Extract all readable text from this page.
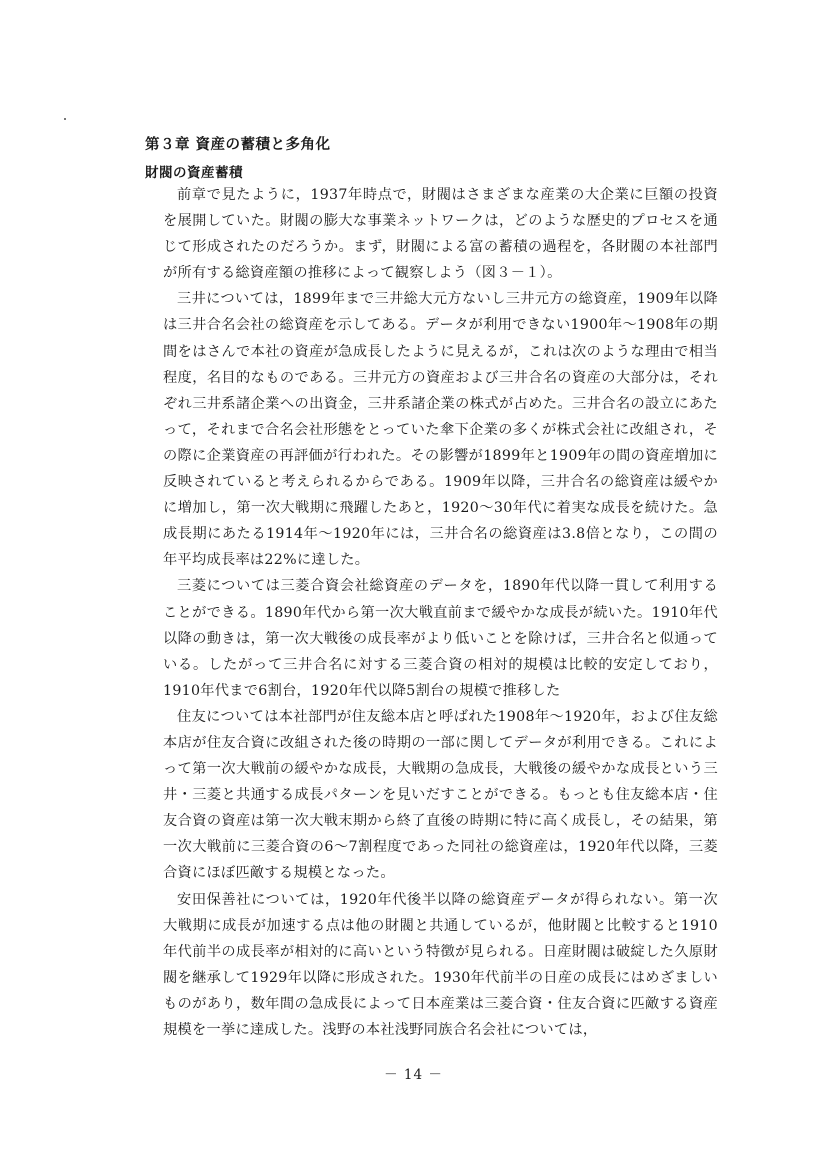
第３章 資産の蓄積と多角化
財閥の資産蓄積

前章で見たように，1937年時点で，財閥はさまざまな産業の大企業に巨額の投資を展開していた。財閥の膨大な事業ネットワークは，どのような歴史的プロセスを通じて形成されたのだろうか。まず，財閥による富の蓄積の過程を，各財閥の本社部門が所有する総資産額の推移によって観察しよう（図３－１）。

三井については，1899年まで三井総大元方ないし三井元方の総資産，1909年以降は三井合名会社の総資産を示してある。データが利用できない1900年～1908年の期間をはさんで本社の資産が急成長したように見えるが，これは次のような理由で相当程度，名目的なものである。三井元方の資産および三井合名の資産の大部分は，それぞれ三井系諸企業への出資金，三井系諸企業の株式が占めた。三井合名の設立にあたって，それまで合名会社形態をとっていた傘下企業の多くが株式会社に改組され，その際に企業資産の再評価が行われた。その影響が1899年と1909年の間の資産増加に反映されていると考えられるからである。1909年以降，三井合名の総資産は緩やかに増加し，第一次大戦期に飛躍したあと，1920～30年代に着実な成長を続けた。急成長期にあたる1914年～1920年には，三井合名の総資産は3.8倍となり，この間の年平均成長率は22%に達した。

三菱については三菱合資会社総資産のデータを，1890年代以降一貫して利用することができる。1890年代から第一次大戦直前まで緩やかな成長が続いた。1910年代以降の動きは，第一次大戦後の成長率がより低いことを除けば，三井合名と似通っている。したがって三井合名に対する三菱合資の相対的規模は比較的安定しており，1910年代まで6割台，1920年代以降5割台の規模で推移した

住友については本社部門が住友総本店と呼ばれた1908年～1920年，および住友総本店が住友合資に改組された後の時期の一部に関してデータが利用できる。これによって第一次大戦前の緩やかな成長，大戦期の急成長，大戦後の緩やかな成長という三井・三菱と共通する成長パターンを見いだすことができる。もっとも住友総本店・住友合資の資産は第一次大戦末期から終了直後の時期に特に高く成長し，その結果，第一次大戦前に三菱合資の6～7割程度であった同社の総資産は，1920年代以降，三菱合資にほぼ匹敵する規模となった。

安田保善社については，1920年代後半以降の総資産データが得られない。第一次大戦期に成長が加速する点は他の財閥と共通しているが，他財閥と比較すると1910年代前半の成長率が相対的に高いという特徴が見られる。日産財閥は破綻した久原財閥を継承して1929年以降に形成された。1930年代前半の日産の成長にはめざましいものがあり，数年間の急成長によって日本産業は三菱合資・住友合資に匹敵する資産規模を一挙に達成した。浅野の本社浅野同族合名会社については，

－ 14 －
